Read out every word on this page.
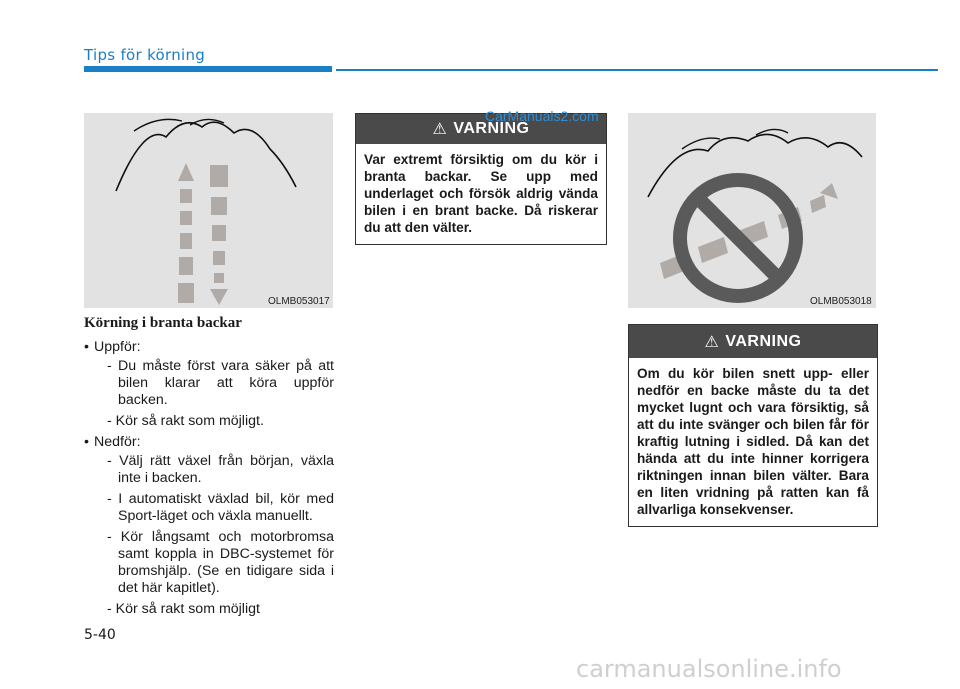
Tips för körning
OLMB053017	OLMB053018
Körning i branta backar
• Uppför:
- Du måste först vara säker på att bilen klarar att köra uppför backen.
- Kör så rakt som möjligt.
• Nedför:
- Välj rätt växel från början, växla inte i backen.
- I automatiskt växlad bil, kör med Sport-läget och växla manuellt.
- Kör långsamt och motorbromsa samt koppla in DBC-systemet för bromshjälp. (Se en tidigare sida i det här kapitlet).
- Kör så rakt som möjligt
⚠ VARNING
Var extremt försiktig om du kör i branta backar. Se upp med underlaget och försök aldrig vända bilen i en brant backe. Då riskerar du att den välter.
CarManuals2.com
⚠ VARNING
Om du kör bilen snett upp- eller nedför en backe måste du ta det mycket lugnt och vara försiktig, så att du inte svänger och bilen får för kraftig lutning i sidled. Då kan det hända att du inte hinner korrigera riktningen innan bilen välter. Bara en liten vridning på ratten kan få allvarliga konsekvenser.
5-40
carmanualsonline.info
